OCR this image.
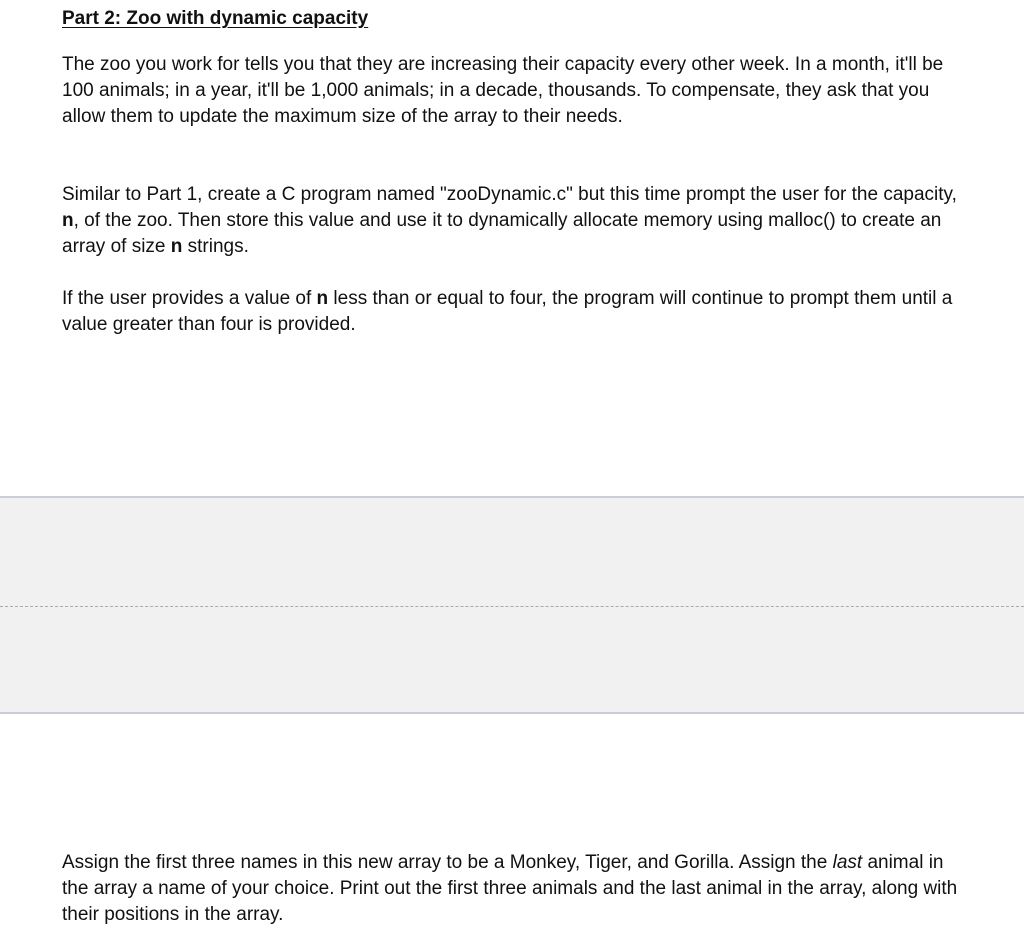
Part 2: Zoo with dynamic capacity

The zoo you work for tells you that they are increasing their capacity every other week. In a month, it'll be 100 animals; in a year, it'll be 1,000 animals; in a decade, thousands. To compensate, they ask that you allow them to update the maximum size of the array to their needs.

Similar to Part 1, create a C program named "zooDynamic.c" but this time prompt the user for the capacity, n, of the zoo. Then store this value and use it to dynamically allocate memory using malloc() to create an array of size n strings.

If the user provides a value of n less than or equal to four, the program will continue to prompt them until a value greater than four is provided.

Assign the first three names in this new array to be a Monkey, Tiger, and Gorilla. Assign the last animal in the array a name of your choice. Print out the first three animals and the last animal in the array, along with their positions in the array.
